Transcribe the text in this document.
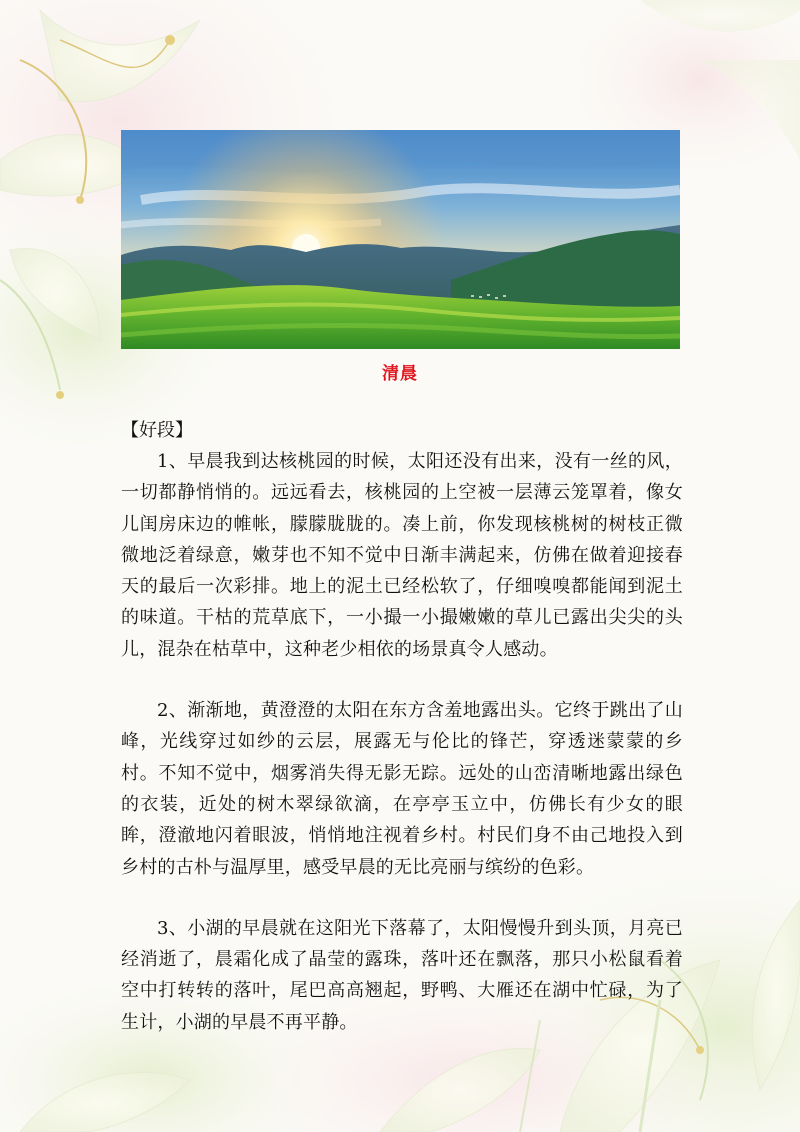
清晨

【好段】

1、早晨我到达核桃园的时候，太阳还没有出来，没有一丝的风，一切都静悄悄的。远远看去，核桃园的上空被一层薄云笼罩着，像女儿闺房床边的帷帐，朦朦胧胧的。凑上前，你发现核桃树的树枝正微微地泛着绿意，嫩芽也不知不觉中日渐丰满起来，仿佛在做着迎接春天的最后一次彩排。地上的泥土已经松软了，仔细嗅嗅都能闻到泥土的味道。干枯的荒草底下，一小撮一小撮嫩嫩的草儿已露出尖尖的头儿，混杂在枯草中，这种老少相依的场景真令人感动。

2、渐渐地，黄澄澄的太阳在东方含羞地露出头。它终于跳出了山峰，光线穿过如纱的云层，展露无与伦比的锋芒，穿透迷蒙蒙的乡村。不知不觉中，烟雾消失得无影无踪。远处的山峦清晰地露出绿色的衣装，近处的树木翠绿欲滴，在亭亭玉立中，仿佛长有少女的眼眸，澄澈地闪着眼波，悄悄地注视着乡村。村民们身不由己地投入到乡村的古朴与温厚里，感受早晨的无比亮丽与缤纷的色彩。

3、小湖的早晨就在这阳光下落幕了，太阳慢慢升到头顶，月亮已经消逝了，晨霜化成了晶莹的露珠，落叶还在飘落，那只小松鼠看着空中打转转的落叶，尾巴高高翘起，野鸭、大雁还在湖中忙碌，为了生计，小湖的早晨不再平静。
